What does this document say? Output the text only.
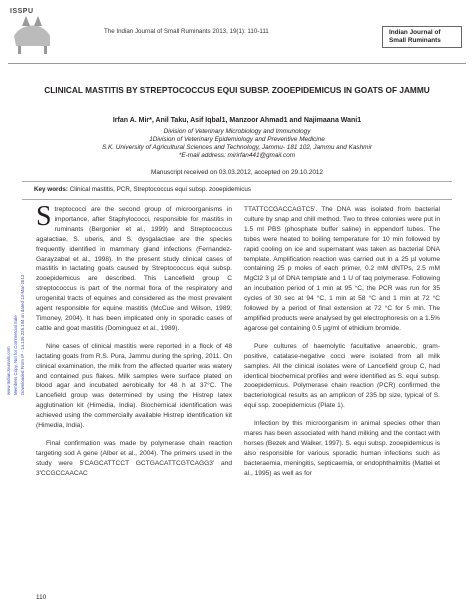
ISSPU
The Indian Journal of Small Ruminants 2013, 19(1): 110-111	Indian Journal of Small Ruminants
CLINICAL MASTITIS BY STREPTOCOCCUS EQUI SUBSP. ZOOEPIDEMICUS IN GOATS OF JAMMU
Irfan A. Mir*, Anil Taku, Asif Iqbal1, Manzoor Ahmad1 and Najimaana Wani1
Division of Veterinary Microbiology and Immunology
1Division of Veterinary Epidemiology and Preventive Medicine
S.K. University of Agricultural Sciences and Technology, Jammu- 181 102, Jammu and Kashmir
*E-mail address: mirirfan441@gmail.com
Manuscript received on 03.03.2012, accepted on 29.10.2012
Key words: Clinical mastitis, PCR, Streptococcus equi subsp. zooepidemicus
www.IndianJournals.com Members Copy, Not for Commercial Sale Downloaded From IP - 14.139.225.194 on dated 13-Mar-2013

Streptococci are the second group of microorganisms in importance, after Staphylococci, responsible for mastitis in ruminants (Bergonier et al., 1999) and Streptococcus agalactiae, S. uberis, and S. dysgalactiae are the species frequently identified in mammary gland infections (Fernandez-Garayzabal et al., 1998). In the present study clinical cases of mastitis in lactating goats caused by Streptococcus equi subsp. zooepidemicus are described. This Lancefield group C streptococcus is part of the normal flora of the respiratory and urogenital tracts of equines and considered as the most prevalent agent responsible for equine mastitis (McCue and Wilson, 1989; Timoney, 2004). It has been implicated only in sporadic cases of cattle and goat mastitis (Dominguez et al., 1989).

Nine cases of clinical mastitis were reported in a flock of 48 lactating goats from R.S. Pura, Jammu during the spring, 2011. On clinical examination, the milk from the affected quarter was watery and contained pus flakes. Milk samples were surface plated on blood agar and incubated aerobically for 48 h at 37°C. The Lancefield group was determined by using the Histrep latex agglutination kit (Himedia, India). Biochemical identification was achieved using the commercially available Histrep identification kit (Himedia, India).

Final confirmation was made by polymerase chain reaction targeting sod A gene (Alber et al., 2004). The primers used in the study were 5'CAGCATTCCT GCTGACATTCGTCAGG3' and 3'CCGCCAACAC

TTATTCCGACCAGTC5'. The DNA was isolated from bacterial culture by snap and chill method. Two to three colonies were put in 1.5 ml PBS (phosphate buffer saline) in eppendorf tubes. The tubes were heated to boiling temperature for 10 min followed by rapid cooling on ice and supernatant was taken as bacterial DNA template. Amplification reaction was carried out in a 25 µl volume containing 25 p moles of each primer, 0.2 mM dNTPs, 2.5 mM MgCl2 3 µl of DNA template and 1 U of taq polymerase. Following an incubation period of 1 min at 95 °C, the PCR was run for 35 cycles of 30 sec at 94 °C, 1 min at 58 °C and 1 min at 72 °C followed by a period of final extension at 72 °C for 5 min. The amplified products were analysed by gel electrophoresis on a 1.5% agarose gel containing 0.5 µg/ml of ethidium bromide.

Pure cultures of haemolytic facultative anaerobic, gram-positive, catalase-negative cocci were isolated from all milk samples. All the clinical isolates were of Lancefield group C, had identical biochemical profiles and were identified as S. equi subsp. zooepidemicus. Polymerase chain reaction (PCR) confirmed the bacteriological results as an amplicon of 235 bp size, typical of S. equi ssp. zooepidemicus (Plate 1).

Infection by this microorganism in animal species other than mares has been associated with hand milking and the contact with horses (Bezek and Walker, 1997). S. equi subsp. zooepidemicus is also responsible for various sporadic human infections such as bacteraemia, meningitis, septicaemia, or endophthalmitis (Mattei et al., 1995) as well as for

110
